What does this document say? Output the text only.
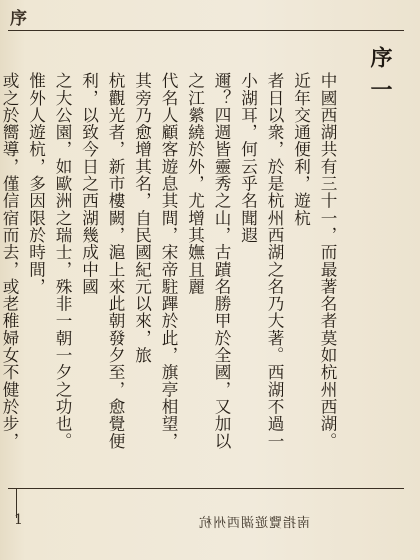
序
序一
中國西湖共有三十一，而最著名者莫如杭州西湖。近年交通便利，遊杭
者日以衆，於是杭州西湖之名乃大著。西湖不過一小湖耳，何云乎名聞遐
邇？四週皆靈秀之山，古蹟名勝甲於全國，又加以之江縈繞於外，尤增其嫵且麗
代名人顧客遊息其間，宋帝駐蹕於此，旗亭相望，其旁乃愈增其名，自民國紀元以來，旅
杭觀光者，新市樓闕，滬上來此朝發夕至，愈覺便利，以致今日之西湖幾成中國
之大公園，如歐洲之瑞士，殊非一朝一夕之功也。惟外人遊杭，多因限於時間，
或之於嚮導，僅信宿而去，或老稚婦女不健於步，
1	南指覽遊湖西州杭
